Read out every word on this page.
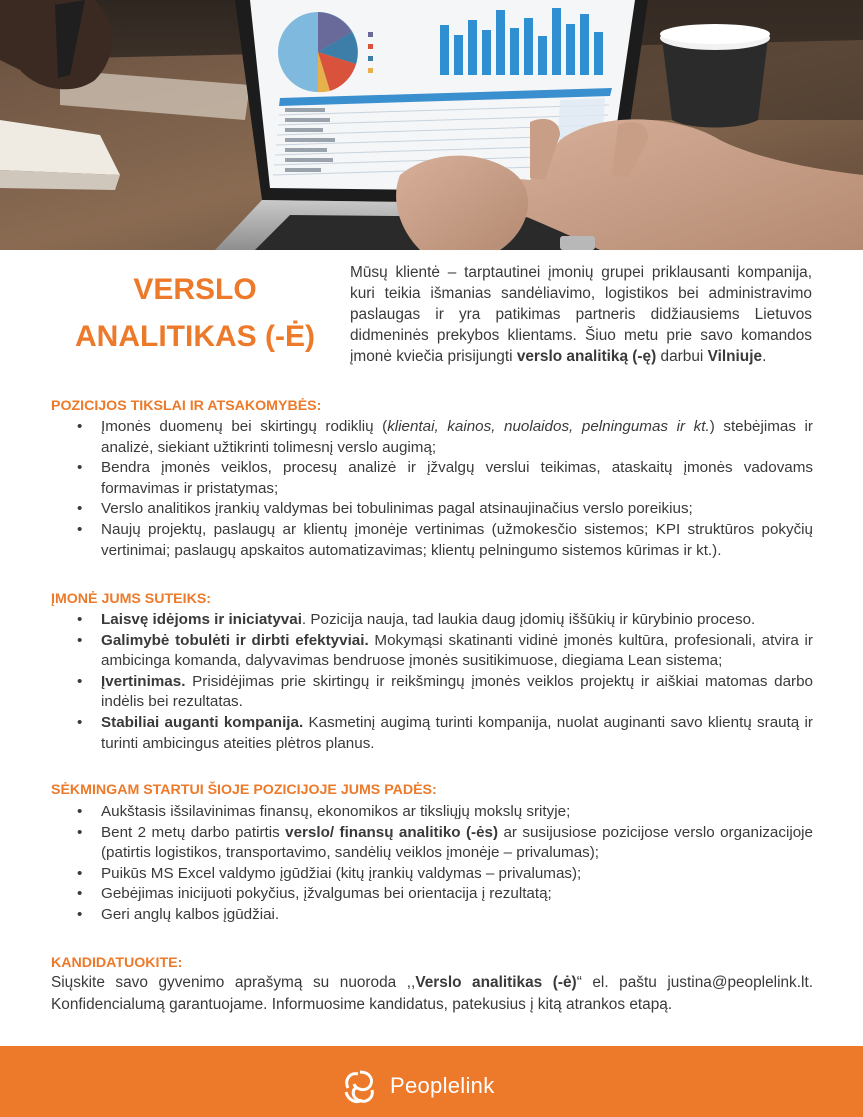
VERSLO
ANALITIKAS (-Ė)
Mūsų klientė – tarptautinei įmonių grupei priklausanti kompanija, kuri teikia išmanias sandėliavimo, logistikos bei administravimo paslaugas ir yra patikimas partneris didžiausiems Lietuvos didmeninės prekybos klientams. Šiuo metu prie savo komandos įmonė kviečia prisijungti verslo analitiką (-ę) darbui Vilniuje.
POZICIJOS TIKSLAI IR ATSAKOMYBĖS:
• Įmonės duomenų bei skirtingų rodiklių (klientai, kainos, nuolaidos, pelningumas ir kt.) stebėjimas ir analizė, siekiant užtikrinti tolimesnį verslo augimą;
• Bendra įmonės veiklos, procesų analizė ir įžvalgų verslui teikimas, ataskaitų įmonės vadovams formavimas ir pristatymas;
• Verslo analitikos įrankių valdymas bei tobulinimas pagal atsinaujinačius verslo poreikius;
• Naujų projektų, paslaugų ar klientų įmonėje vertinimas (užmokesčio sistemos; KPI struktūros pokyčių vertinimai; paslaugų apskaitos automatizavimas; klientų pelningumo sistemos kūrimas ir kt.).
ĮMONĖ JUMS SUTEIKS:
• Laisvę idėjoms ir iniciatyvai. Pozicija nauja, tad laukia daug įdomių iššūkių ir kūrybinio proceso.
• Galimybė tobulėti ir dirbti efektyviai. Mokymąsi skatinanti vidinė įmonės kultūra, profesionali, atvira ir ambicinga komanda, dalyvavimas bendruose įmonės susitikimuose, diegiama Lean sistema;
• Įvertinimas. Prisidėjimas prie skirtingų ir reikšmingų įmonės veiklos projektų ir aiškiai matomas darbo indėlis bei rezultatas.
• Stabiliai auganti kompanija. Kasmetinį augimą turinti kompanija, nuolat auginanti savo klientų srautą ir turinti ambicingus ateities plėtros planus.
SĖKMINGAM STARTUI ŠIOJE POZICIJOJE JUMS PADĖS:
• Aukštasis išsilavinimas finansų, ekonomikos ar tiksliųjų mokslų srityje;
• Bent 2 metų darbo patirtis verslo/ finansų analitiko (-ės) ar susijusiose pozicijose verslo organizacijoje (patirtis logistikos, transportavimo, sandėlių veiklos įmonėje – privalumas);
• Puikūs MS Excel valdymo įgūdžiai (kitų įrankių valdymas – privalumas);
• Gebėjimas inicijuoti pokyčius, įžvalgumas bei orientacija į rezultatą;
• Geri anglų kalbos įgūdžiai.
KANDIDATUOKITE:
Siųskite savo gyvenimo aprašymą su nuoroda ,,Verslo analitikas (-ė)“ el. paštu justina@peoplelink.lt. Konfidencialumą garantuojame. Informuosime kandidatus, patekusius į kitą atrankos etapą.
Peoplelink
